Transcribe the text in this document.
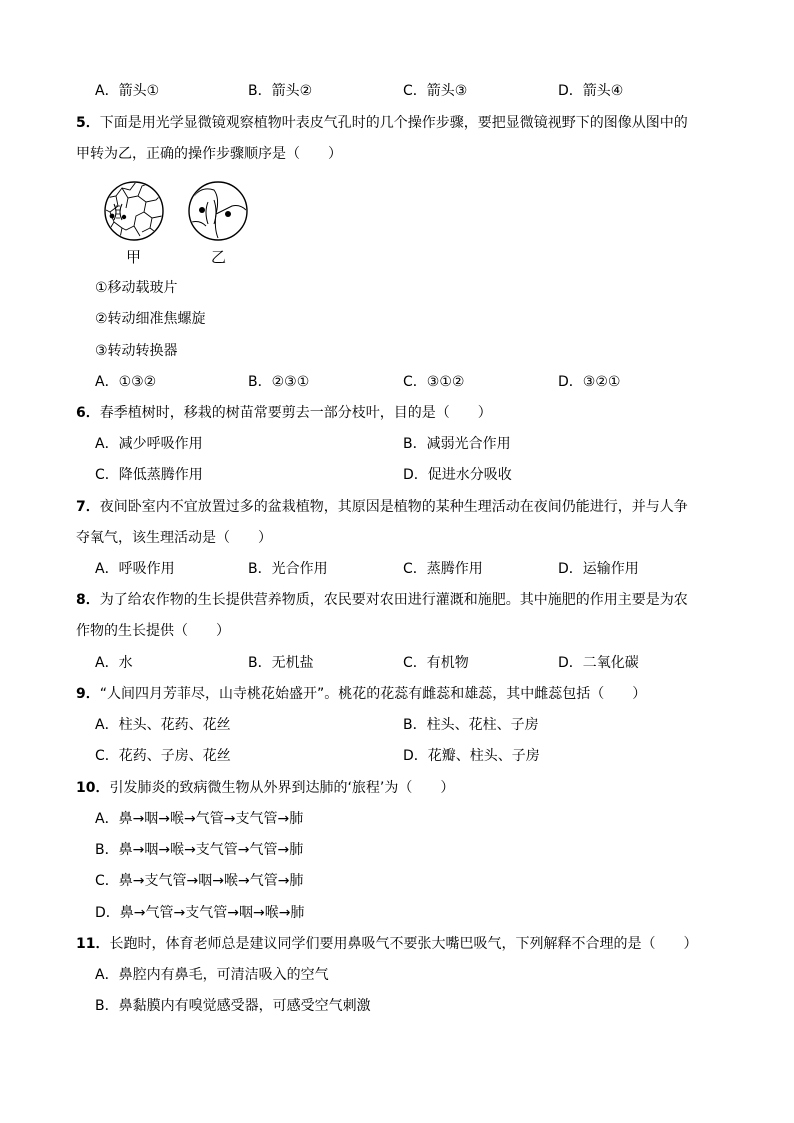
A．箭头①	B．箭头②	C．箭头③	D．箭头④
5．下面是用光学显微镜观察植物叶表皮气孔时的几个操作步骤，要把显微镜视野下的图像从图中的
甲转为乙，正确的操作步骤顺序是（　　）
甲	乙
①移动载玻片
②转动细准焦螺旋
③转动转换器
A．①③②	B．②③①	C．③①②	D．③②①
6．春季植树时，移栽的树苗常要剪去一部分枝叶，目的是（　　）
A．减少呼吸作用	B．减弱光合作用
C．降低蒸腾作用	D．促进水分吸收
7．夜间卧室内不宜放置过多的盆栽植物，其原因是植物的某种生理活动在夜间仍能进行，并与人争
夺氧气，该生理活动是（　　）
A．呼吸作用	B．光合作用	C．蒸腾作用	D．运输作用
8．为了给农作物的生长提供营养物质，农民要对农田进行灌溉和施肥。其中施肥的作用主要是为农
作物的生长提供（　　）
A．水	B．无机盐	C．有机物	D．二氧化碳
9．“人间四月芳菲尽，山寺桃花始盛开”。桃花的花蕊有雌蕊和雄蕊，其中雌蕊包括（　　）
A．柱头、花药、花丝	B．柱头、花柱、子房
C．花药、子房、花丝	D．花瓣、柱头、子房
10．引发肺炎的致病微生物从外界到达肺的‘旅程’为（　　）
A．鼻→咽→喉→气管→支气管→肺
B．鼻→咽→喉→支气管→气管→肺
C．鼻→支气管→咽→喉→气管→肺
D．鼻→气管→支气管→咽→喉→肺
11．长跑时，体育老师总是建议同学们要用鼻吸气不要张大嘴巴吸气，下列解释不合理的是（　　）
A．鼻腔内有鼻毛，可清洁吸入的空气
B．鼻黏膜内有嗅觉感受器，可感受空气刺激
